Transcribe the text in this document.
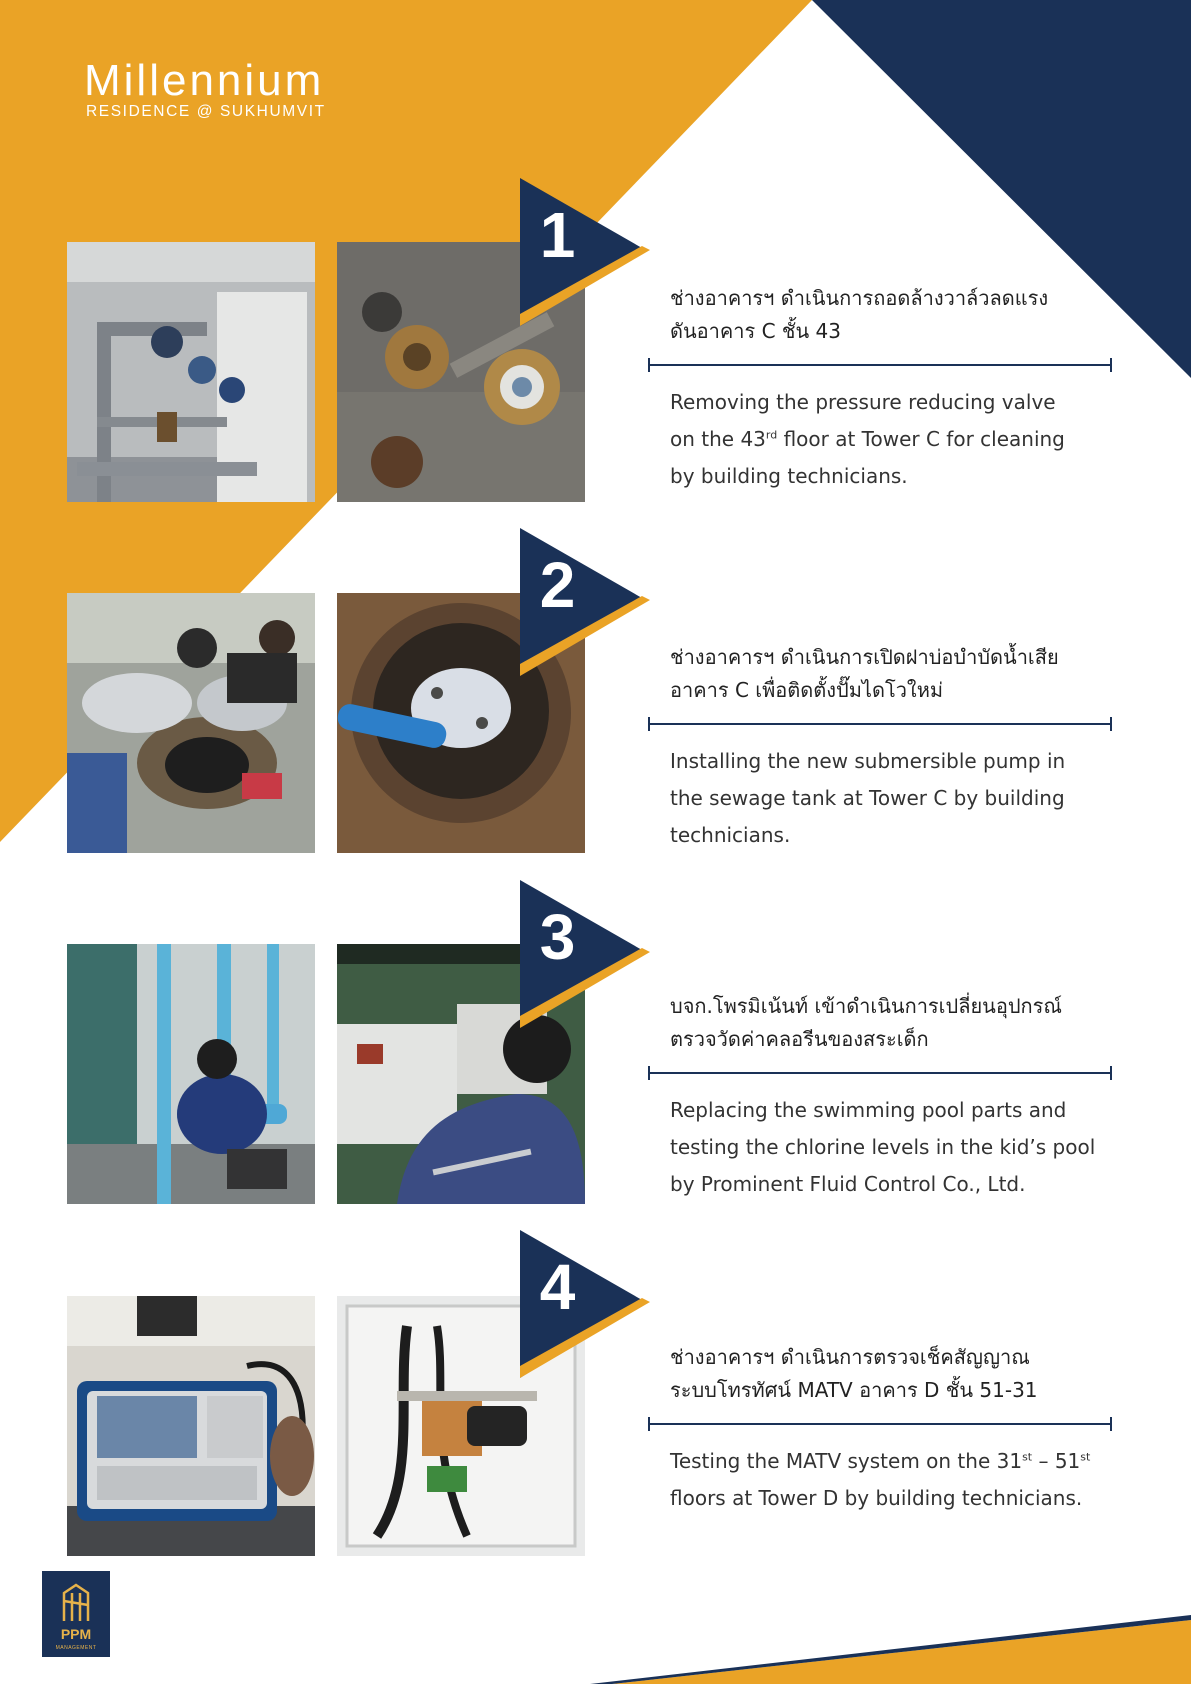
Millennium
RESIDENCE @ SUKHUMVIT
1

ช่างอาคารฯ ดำเนินการถอดล้างวาล์วลดแรง

ดันอาคาร C ชั้น 43

Removing the pressure reducing valve

on the 43rd floor at Tower C for cleaning

by building technicians.

2

ช่างอาคารฯ ดำเนินการเปิดฝาบ่อบำบัดน้ำเสีย

อาคาร C เพื่อติดตั้งปั๊มไดโวใหม่

Installing the new submersible pump in

the sewage tank at Tower C by building

technicians.

3

บจก.โพรมิเน้นท์ เข้าดำเนินการเปลี่ยนอุปกรณ์

ตรวจวัดค่าคลอรีนของสระเด็ก

Replacing the swimming pool parts and

testing the chlorine levels in the kid’s pool

by Prominent Fluid Control Co., Ltd.

4

ช่างอาคารฯ ดำเนินการตรวจเช็คสัญญาณ

ระบบโทรทัศน์ MATV อาคาร D ชั้น 51-31

Testing the MATV system on the 31st – 51st

floors at Tower D by building technicians.

PPM
MANAGEMENT
